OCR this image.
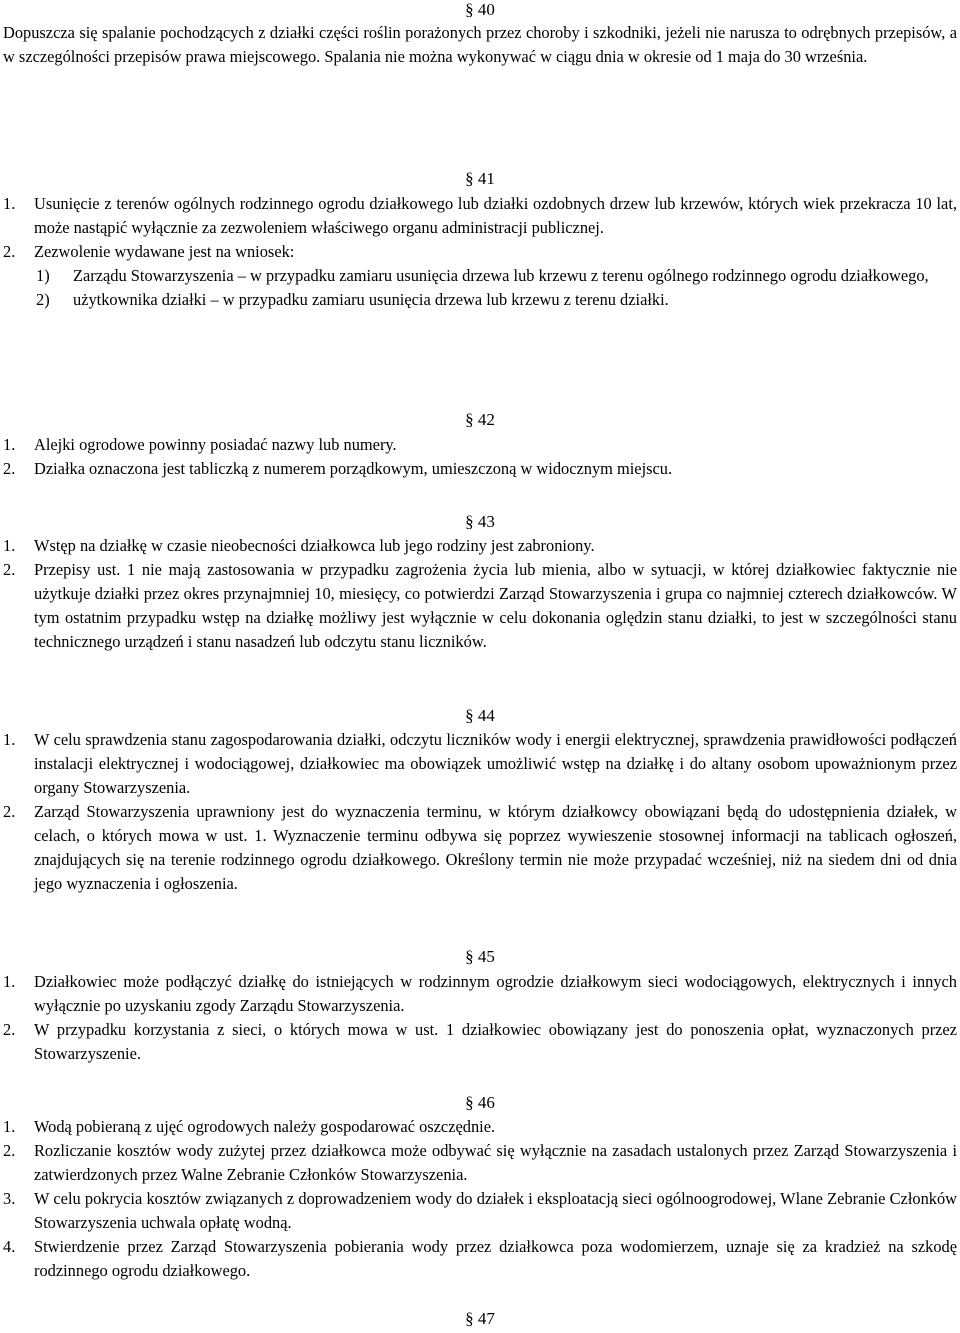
§ 40

Dopuszcza się spalanie pochodzących z działki części roślin porażonych przez choroby i szkodniki, jeżeli nie narusza to odrębnych przepisów, a w szczególności przepisów prawa miejscowego. Spalania nie można wykonywać w ciągu dnia w okresie od 1 maja do 30 września.

§ 41
1.	Usunięcie z terenów ogólnych rodzinnego ogrodu działkowego lub działki ozdobnych drzew lub krzewów, których wiek przekracza 10 lat, może nastąpić wyłącznie za zezwoleniem właściwego organu administracji publicznej.
2.	Zezwolenie wydawane jest na wniosek:
1)	Zarządu Stowarzyszenia – w przypadku zamiaru usunięcia drzewa lub krzewu z terenu ogólnego rodzinnego ogrodu działkowego,
2)	użytkownika działki – w przypadku zamiaru usunięcia drzewa lub krzewu z terenu działki.
§ 42
1.	Alejki ogrodowe powinny posiadać nazwy lub numery.
2.	Działka oznaczona jest tabliczką z numerem porządkowym, umieszczoną w widocznym miejscu.
§ 43
1.	Wstęp na działkę w czasie nieobecności działkowca lub jego rodziny jest zabroniony.
2.	Przepisy ust. 1 nie mają zastosowania w przypadku zagrożenia życia lub mienia, albo w sytuacji, w której działkowiec faktycznie nie użytkuje działki przez okres przynajmniej 10, miesięcy, co potwierdzi Zarząd Stowarzyszenia i grupa co najmniej czterech działkowców. W tym ostatnim przypadku wstęp na działkę możliwy jest wyłącznie w celu dokonania oględzin stanu działki, to jest w szczególności stanu technicznego urządzeń i stanu nasadzeń lub odczytu stanu liczników.
§ 44
1.	W celu sprawdzenia stanu zagospodarowania działki, odczytu liczników wody i energii elektrycznej, sprawdzenia prawidłowości podłączeń instalacji elektrycznej i wodociągowej, działkowiec ma obowiązek umożliwić wstęp na działkę i do altany osobom upoważnionym przez organy Stowarzyszenia.
2.	Zarząd Stowarzyszenia uprawniony jest do wyznaczenia terminu, w którym działkowcy obowiązani będą do udostępnienia działek, w celach, o których mowa w ust. 1. Wyznaczenie terminu odbywa się poprzez wywieszenie stosownej informacji na tablicach ogłoszeń, znajdujących się na terenie rodzinnego ogrodu działkowego. Określony termin nie może przypadać wcześniej, niż na siedem dni od dnia jego wyznaczenia i ogłoszenia.
§ 45
1.	Działkowiec może podłączyć działkę do istniejących w rodzinnym ogrodzie działkowym sieci wodociągowych, elektrycznych i innych wyłącznie po uzyskaniu zgody Zarządu Stowarzyszenia.
2.	W przypadku korzystania z sieci, o których mowa w ust. 1 działkowiec obowiązany jest do ponoszenia opłat, wyznaczonych przez Stowarzyszenie.
§ 46
1.	Wodą pobieraną z ujęć ogrodowych należy gospodarować oszczędnie.
2.	Rozliczanie kosztów wody zużytej przez działkowca może odbywać się wyłącznie na zasadach ustalonych przez Zarząd Stowarzyszenia i zatwierdzonych przez Walne Zebranie Członków Stowarzyszenia.
3.	W celu pokrycia kosztów związanych z doprowadzeniem wody do działek i eksploatacją sieci ogólnoogrodowej, Wlane Zebranie Członków Stowarzyszenia uchwala opłatę wodną.
4.	Stwierdzenie przez Zarząd Stowarzyszenia pobierania wody przez działkowca poza wodomierzem, uznaje się za kradzież na szkodę rodzinnego ogrodu działkowego.
§ 47
